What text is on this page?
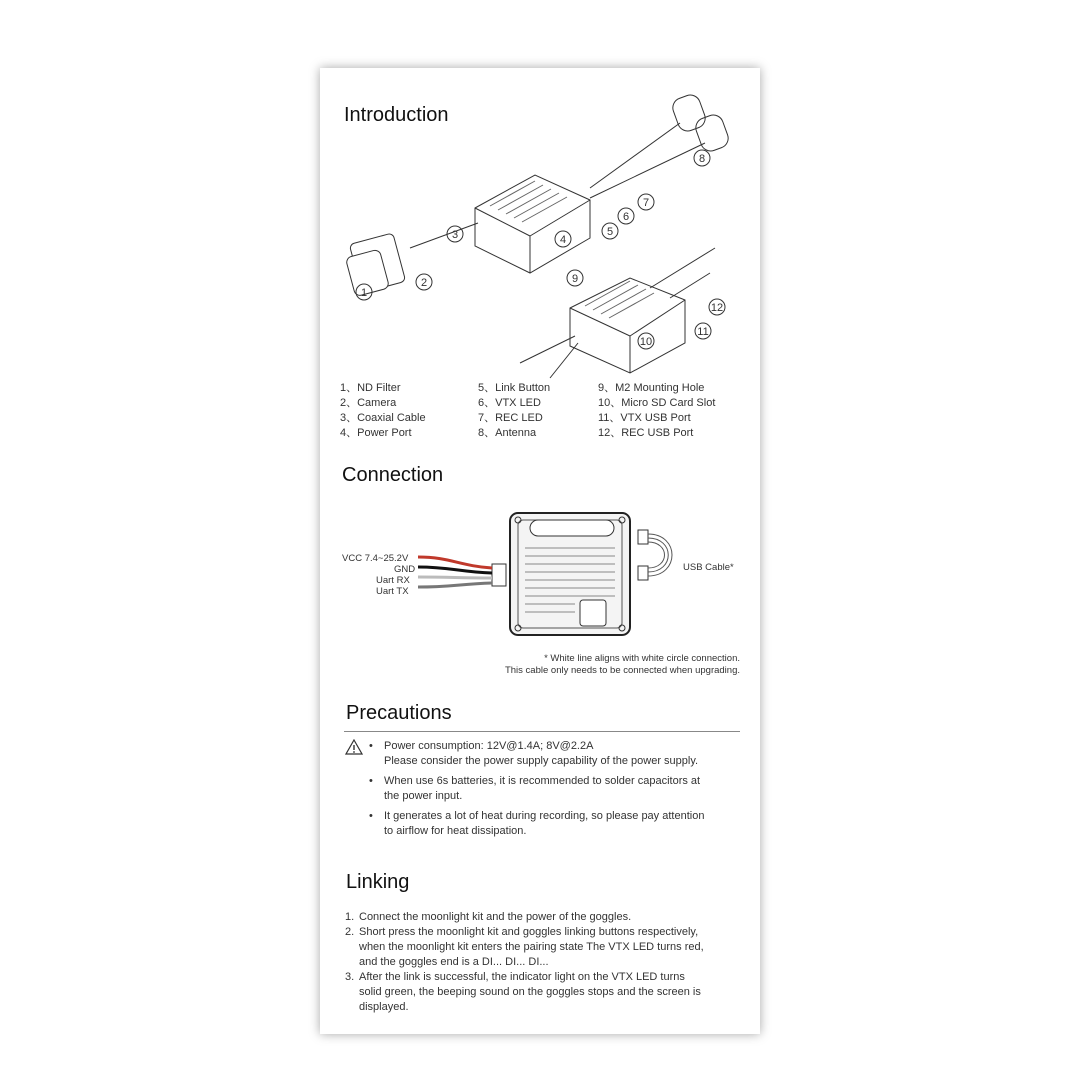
Introduction
1
2
3	4
5
6
7
8
9
10
11
12
1、ND Filter
2、Camera
3、Coaxial Cable
4、Power Port
5、Link Button
6、VTX LED
7、REC LED
8、Antenna
9、M2 Mounting Hole
10、Micro SD Card Slot
11、VTX USB Port
12、REC USB Port
Connection
VCC 7.4~25.2V
GND
Uart RX
Uart TX
USB Cable*
* White line aligns with white circle connection.
This cable only needs to be connected when upgrading.
Precautions
• Power consumption: 12V@1.4A; 8V@2.2A
Please consider the power supply capability of the power supply.
• When use 6s batteries, it is recommended to solder capacitors at
the power input.
• It generates a lot of heat during recording, so please pay attention
to airflow for heat dissipation.
Linking
1. Connect the moonlight kit and the power of the goggles.
2. Short press the moonlight kit and goggles linking buttons respectively,
when the moonlight kit enters the pairing state The VTX LED turns red,
and the goggles end is a DI... DI... DI...
3. After the link is successful, the indicator light on the VTX LED turns
solid green, the beeping sound on the goggles stops and the screen is
displayed.
